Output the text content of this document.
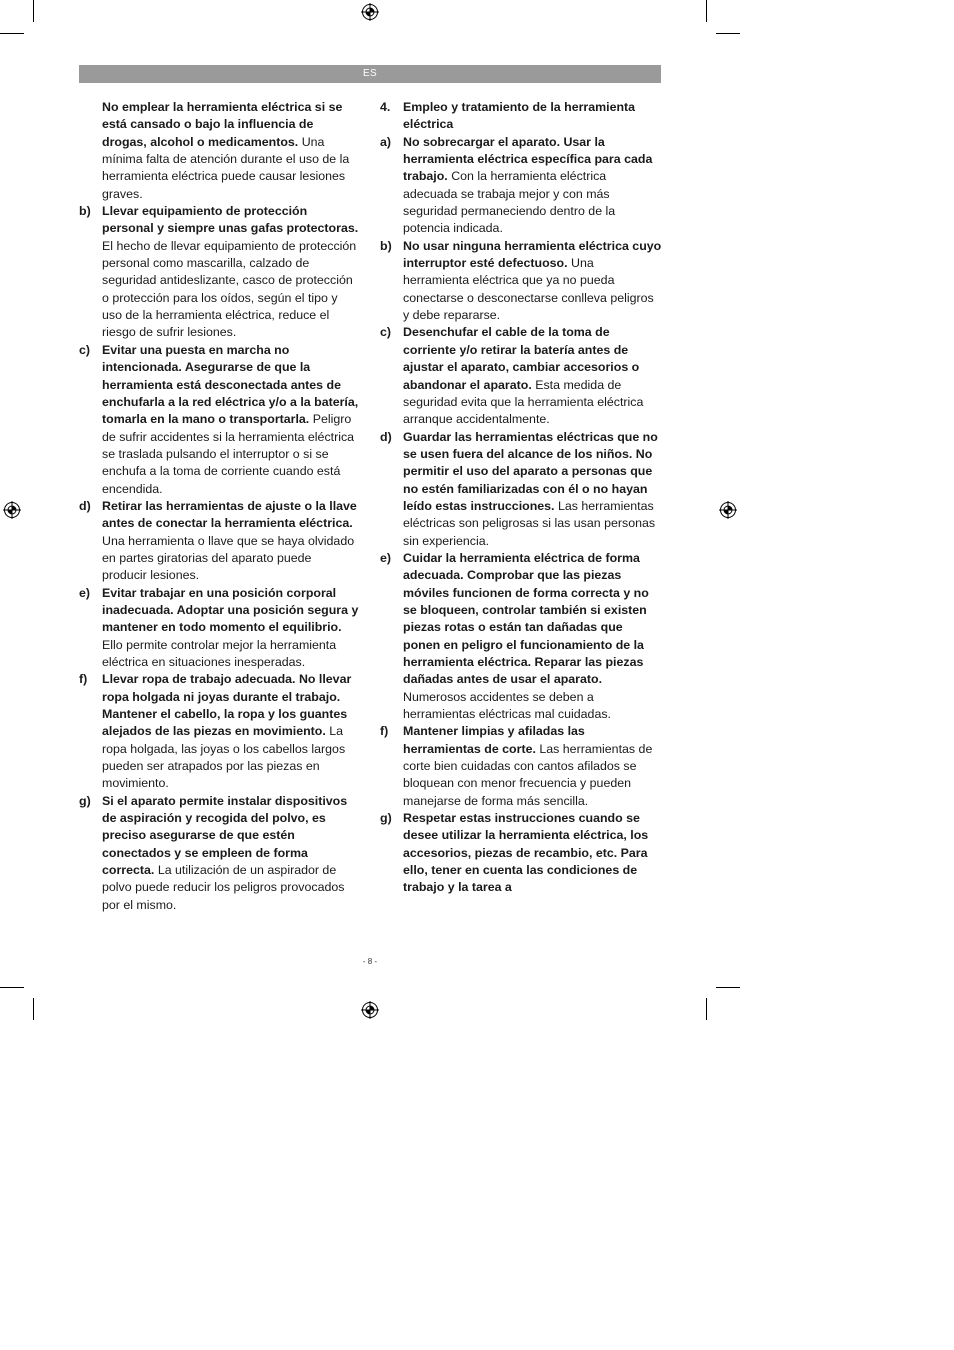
ES

No emplear la herramienta eléctrica si se está cansado o bajo la influencia de drogas, alcohol o medicamentos. Una mínima falta de atención durante el uso de la herramienta eléctrica puede causar lesiones graves.

b) Llevar equipamiento de protección personal y siempre unas gafas protectoras. El hecho de llevar equipamiento de protección personal como mascarilla, calzado de seguridad antideslizante, casco de protección o protección para los oídos, según el tipo y uso de la herramienta eléctrica, reduce el riesgo de sufrir lesiones.

c) Evitar una puesta en marcha no intencionada. Asegurarse de que la herramienta está desconectada antes de enchufarla a la red eléctrica y/o a la batería, tomarla en la mano o transportarla. Peligro de sufrir accidentes si la herramienta eléctrica se traslada pulsando el interruptor o si se enchufa a la toma de corriente cuando está encendida.

d) Retirar las herramientas de ajuste o la llave antes de conectar la herramienta eléctrica. Una herramienta o llave que se haya olvidado en partes giratorias del aparato puede producir lesiones.

e) Evitar trabajar en una posición corporal inadecuada. Adoptar una posición segura y mantener en todo momento el equilibrio. Ello permite controlar mejor la herramienta eléctrica en situaciones inesperadas.

f) Llevar ropa de trabajo adecuada. No llevar ropa holgada ni joyas durante el trabajo. Mantener el cabello, la ropa y los guantes alejados de las piezas en movimiento. La ropa holgada, las joyas o los cabellos largos pueden ser atrapados por las piezas en movimiento.

g) Si el aparato permite instalar dispositivos de aspiración y recogida del polvo, es preciso asegurarse de que estén conectados y se empleen de forma correcta. La utilización de un aspirador de polvo puede reducir los peligros provocados por el mismo.

4. Empleo y tratamiento de la herramienta eléctrica

a) No sobrecargar el aparato. Usar la herramienta eléctrica específica para cada trabajo. Con la herramienta eléctrica adecuada se trabaja mejor y con más seguridad permaneciendo dentro de la potencia indicada.

b) No usar ninguna herramienta eléctrica cuyo interruptor esté defectuoso. Una herramienta eléctrica que ya no pueda conectarse o desconectarse conlleva peligros y debe repararse.

c) Desenchufar el cable de la toma de corriente y/o retirar la batería antes de ajustar el aparato, cambiar accesorios o abandonar el aparato. Esta medida de seguridad evita que la herramienta eléctrica arranque accidentalmente.

d) Guardar las herramientas eléctricas que no se usen fuera del alcance de los niños. No permitir el uso del aparato a personas que no estén familiarizadas con él o no hayan leído estas instrucciones. Las herramientas eléctricas son peligrosas si las usan personas sin experiencia.

e) Cuidar la herramienta eléctrica de forma adecuada. Comprobar que las piezas móviles funcionen de forma correcta y no se bloqueen, controlar también si existen piezas rotas o están tan dañadas que ponen en peligro el funcionamiento de la herramienta eléctrica. Reparar las piezas dañadas antes de usar el aparato. Numerosos accidentes se deben a herramientas eléctricas mal cuidadas.

f) Mantener limpias y afiladas las herramientas de corte. Las herramientas de corte bien cuidadas con cantos afilados se bloquean con menor frecuencia y pueden manejarse de forma más sencilla.

g) Respetar estas instrucciones cuando se desee utilizar la herramienta eléctrica, los accesorios, piezas de recambio, etc. Para ello, tener en cuenta las condiciones de trabajo y la tarea a

- 8 -
